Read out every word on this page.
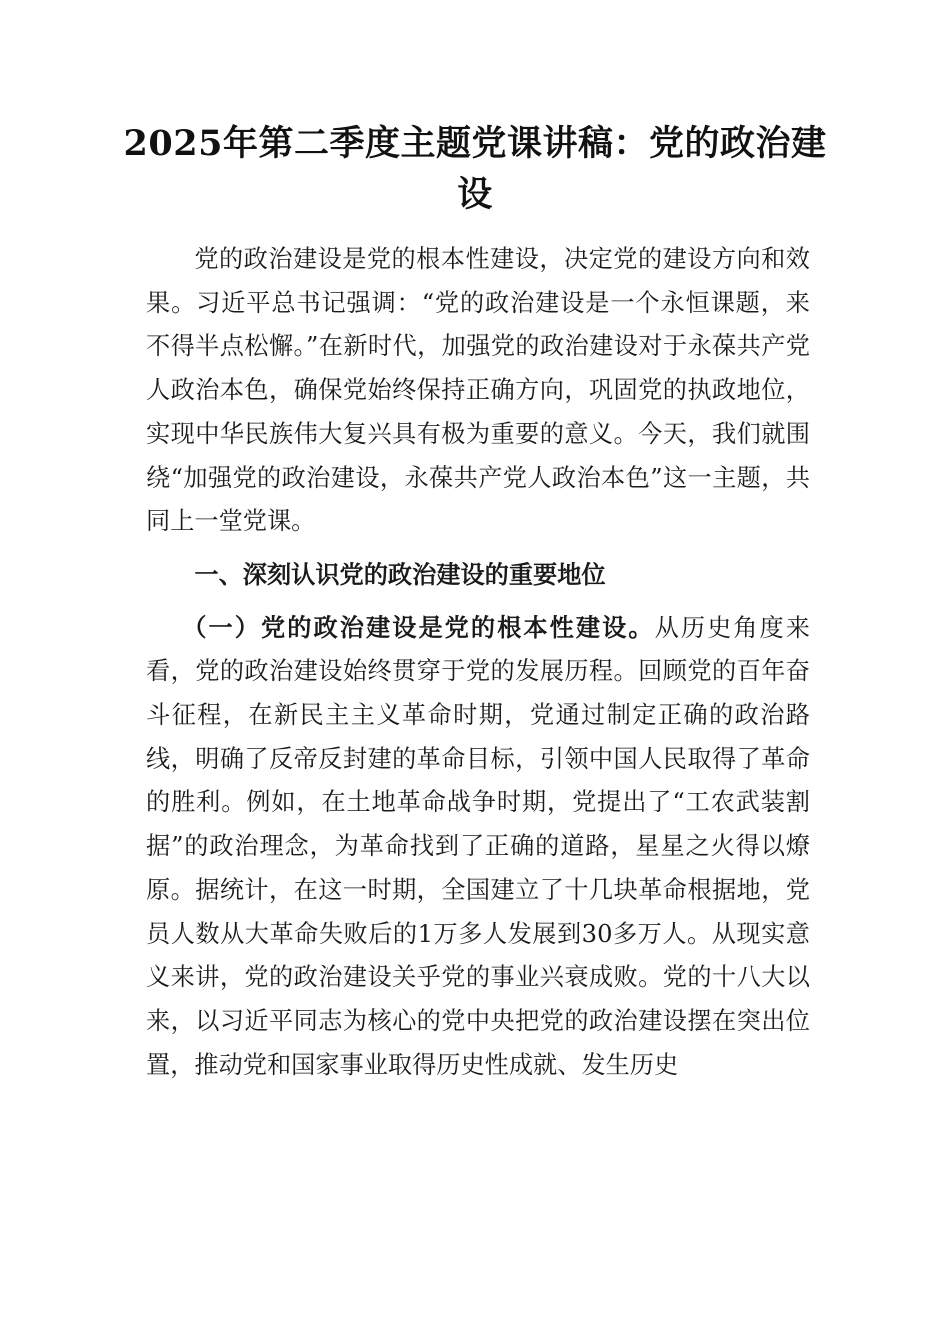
2025年第二季度主题党课讲稿：党的政治建设

党的政治建设是党的根本性建设，决定党的建设方向和效果。习近平总书记强调：“党的政治建设是一个永恒课题，来不得半点松懈。”在新时代，加强党的政治建设对于永葆共产党人政治本色，确保党始终保持正确方向，巩固党的执政地位，实现中华民族伟大复兴具有极为重要的意义。今天，我们就围绕“加强党的政治建设，永葆共产党人政治本色”这一主题，共同上一堂党课。

一、深刻认识党的政治建设的重要地位

（一）党的政治建设是党的根本性建设。从历史角度来看，党的政治建设始终贯穿于党的发展历程。回顾党的百年奋斗征程，在新民主主义革命时期，党通过制定正确的政治路线，明确了反帝反封建的革命目标，引领中国人民取得了革命的胜利。例如，在土地革命战争时期，党提出了“工农武装割据”的政治理念，为革命找到了正确的道路，星星之火得以燎原。据统计，在这一时期，全国建立了十几块革命根据地，党员人数从大革命失败后的1万多人发展到30多万人。从现实意义来讲，党的政治建设关乎党的事业兴衰成败。党的十八大以来，以习近平同志为核心的党中央把党的政治建设摆在突出位置，推动党和国家事业取得历史性成就、发生历史
